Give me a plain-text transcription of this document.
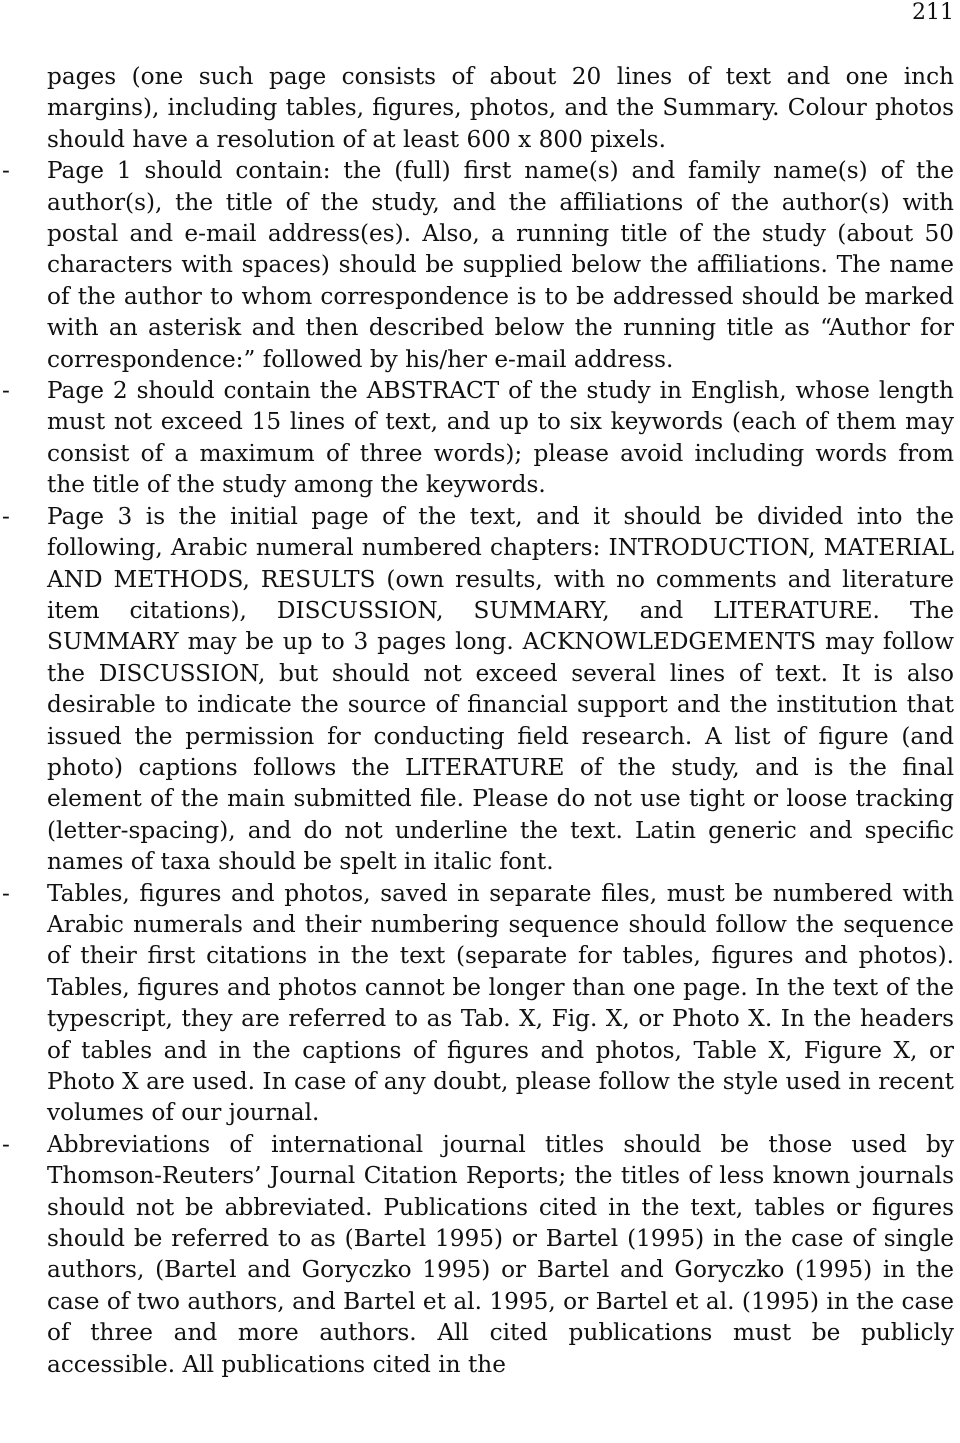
211

pages (one such page consists of about 20 lines of text and one inch margins), including tables, figures, photos, and the Summary. Colour photos should have a resolution of at least 600 x 800 pixels.

- Page 1 should contain: the (full) first name(s) and family name(s) of the author(s), the title of the study, and the affiliations of the author(s) with postal and e-mail address(es). Also, a running title of the study (about 50 characters with spaces) should be supplied below the affiliations. The name of the author to whom correspondence is to be addressed should be marked with an asterisk and then described below the running title as “Author for correspondence:” followed by his/her e-mail address.

- Page 2 should contain the ABSTRACT of the study in English, whose length must not exceed 15 lines of text, and up to six keywords (each of them may consist of a maximum of three words); please avoid including words from the title of the study among the keywords.

- Page 3 is the initial page of the text, and it should be divided into the following, Arabic numeral numbered chapters: INTRODUCTION, MATERIAL AND METHODS, RESULTS (own results, with no comments and literature item citations), DISCUSSION, SUMMARY, and LITERATURE. The SUMMARY may be up to 3 pages long. ACKNOWLEDGEMENTS may follow the DISCUSSION, but should not exceed several lines of text. It is also desirable to indicate the source of financial support and the institution that issued the permission for conducting field research. A list of figure (and photo) captions follows the LITERATURE of the study, and is the final element of the main submitted file. Please do not use tight or loose tracking (letter-spacing), and do not underline the text. Latin generic and specific names of taxa should be spelt in italic font.

- Tables, figures and photos, saved in separate files, must be numbered with Arabic numerals and their numbering sequence should follow the sequence of their first citations in the text (separate for tables, figures and photos). Tables, figures and photos cannot be longer than one page. In the text of the typescript, they are referred to as Tab. X, Fig. X, or Photo X. In the headers of tables and in the captions of figures and photos, Table X, Figure X, or Photo X are used. In case of any doubt, please follow the style used in recent volumes of our journal.

- Abbreviations of international journal titles should be those used by Thomson-Reuters’ Journal Citation Reports; the titles of less known journals should not be abbreviated. Publications cited in the text, tables or figures should be referred to as (Bartel 1995) or Bartel (1995) in the case of single authors, (Bartel and Goryczko 1995) or Bartel and Goryczko (1995) in the case of two authors, and Bartel et al. 1995, or Bartel et al. (1995) in the case of three and more authors. All cited publications must be publicly accessible. All publications cited in the
